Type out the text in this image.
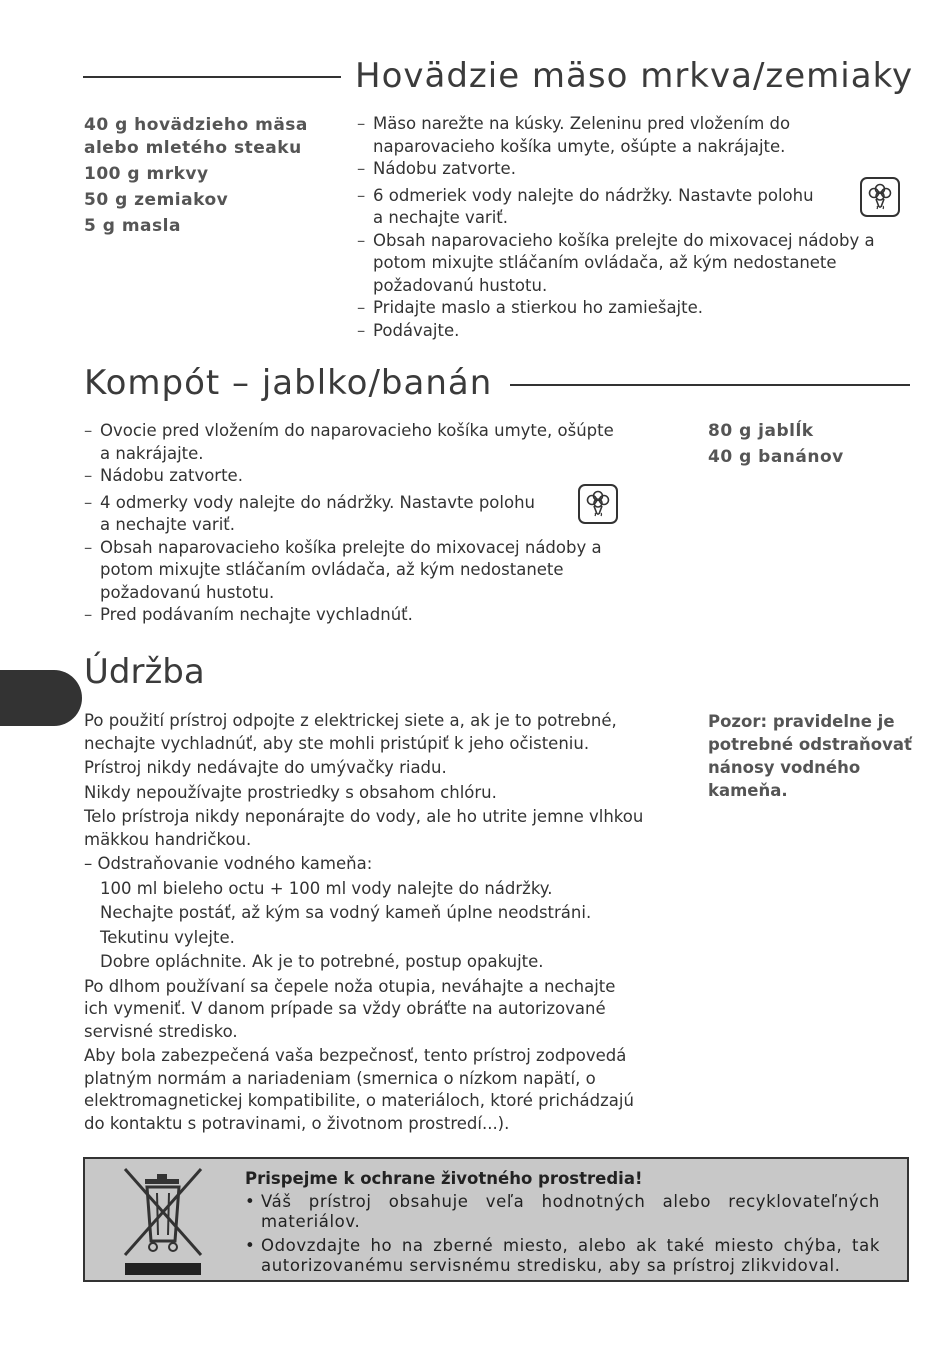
Hovädzie mäso mrkva/zemiaky
40 g hovädzieho mäsa alebo mletého steaku
100 g mrkvy
50 g zemiakov
5 g masla
– Mäso narežte na kúsky. Zeleninu pred vložením do naparovacieho košíka umyte, ošúpte a nakrájajte.
– Nádobu zatvorte.
– 6 odmeriek vody nalejte do nádržky. Nastavte polohu

a nechajte variť.
– Obsah naparovacieho košíka prelejte do mixovacej nádoby a potom mixujte stláčaním ovládača, až kým nedostanete požadovanú hustotu.
– Pridajte maslo a stierkou ho zamiešajte.
– Podávajte.
Kompót – jablko/banán
– Ovocie pred vložením do naparovacieho košíka umyte, ošúpte a nakrájajte.
– Nádobu zatvorte.
– 4 odmerky vody nalejte do nádržky. Nastavte polohu

a nechajte variť.
– Obsah naparovacieho košíka prelejte do mixovacej nádoby a potom mixujte stláčaním ovládača, až kým nedostanete požadovanú hustotu.
– Pred podávaním nechajte vychladnúť.
80 g jablĺk
40 g banánov
Údržba

Po použití prístroj odpojte z elektrickej siete a, ak je to potrebné, nechajte vychladnúť, aby ste mohli pristúpiť k jeho očisteniu.

Prístroj nikdy nedávajte do umývačky riadu.

Nikdy nepoužívajte prostriedky s obsahom chlóru.

Telo prístroja nikdy neponárajte do vody, ale ho utrite jemne vlhkou mäkkou handričkou.

– Odstraňovanie vodného kameňa:

100 ml bieleho octu + 100 ml vody nalejte do nádržky.

Nechajte postáť, až kým sa vodný kameň úplne neodstráni.

Tekutinu vylejte.

Dobre opláchnite. Ak je to potrebné, postup opakujte.

Po dlhom používaní sa čepele noža otupia, neváhajte a nechajte ich vymeniť. V danom prípade sa vždy obráťte na autorizované servisné stredisko.

Aby bola zabezpečená vaša bezpečnosť, tento prístroj zodpovedá platným normám a nariadeniam (smernica o nízkom napätí, o elektromagnetickej kompatibilite, o materiáloch, ktoré prichádzajú do kontaktu s potravinami, o životnom prostredí...).

Pozor: pravidelne je potrebné odstraňovať nánosy vodného kameňa.
Prispejme k ochrane životného prostredia!
• Váš prístroj obsahuje veľa hodnotných alebo recyklovateľných materiálov.
• Odovzdajte ho na zberné miesto, alebo ak také miesto chýba, tak autorizovanému servisnému stredisku, aby sa prístroj zlikvidoval.
